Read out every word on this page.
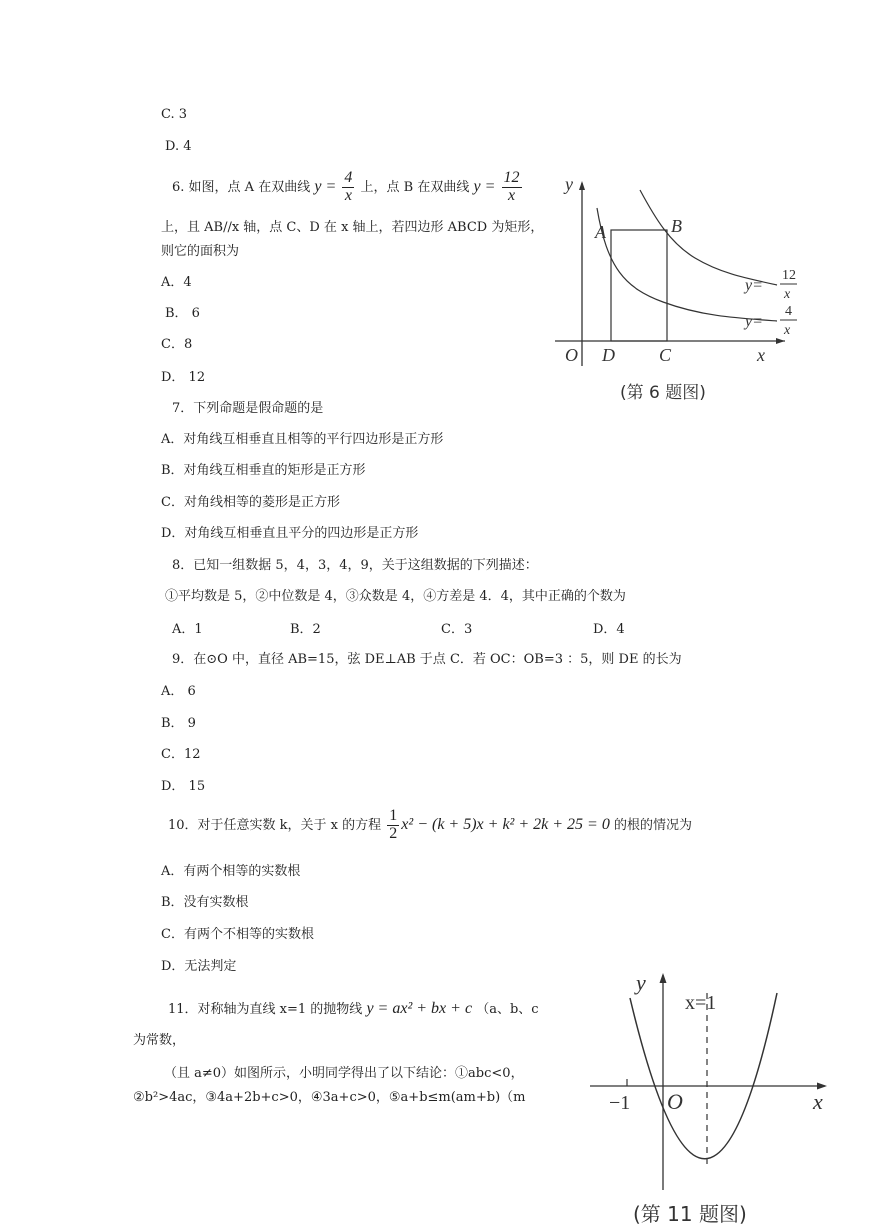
C. 3
D. 4
6. 如图，点 A 在双曲线 $y = \frac{4}{x}$ 上，点 B 在双曲线 $y = \frac{12}{x}$
上，且 AB//x 轴，点 C、D 在 x 轴上，若四边形 ABCD 为矩形，
则它的面积为
A．4
B． 6
C．8
D． 12
y
x
O
A	B
C
D
y=
12
x
y=
4
x
(第 6 题图)
7．下列命题是假命题的是
A．对角线互相垂直且相等的平行四边形是正方形
B．对角线互相垂直的矩形是正方形
C．对角线相等的菱形是正方形
D．对角线互相垂直且平分的四边形是正方形
8．已知一组数据 5，4，3，4，9，关于这组数据的下列描述：
①平均数是 5，②中位数是 4，③众数是 4，④方差是 4．4，其中正确的个数为
A．1	B．2	C．3	D．4
9．在⊙O 中，直径 AB=15，弦 DE⊥AB 于点 C．若 OC：OB=3 ：5，则 DE 的长为
A． 6
B． 9
C．12
D． 15
10．对于任意实数 k，关于 x 的方程 $\frac{1}{2} x^2 - (k + 5)x + k^2 + 2k + 25 = 0$ 的根的情况为
A．有两个相等的实数根
B．没有实数根
C．有两个不相等的实数根
D．无法判定
11．对称轴为直线 x=1 的抛物线 y = ax² + bx + c （a、b、c
为常数，
（且 a≠0）如图所示，小明同学得出了以下结论：①abc<0，
②b²>4ac，③4a+2b+c>0，④3a+c>0，⑤a+b≤m(am+b)（m
y
x
O
−1
x=1
(第 11 题图)
